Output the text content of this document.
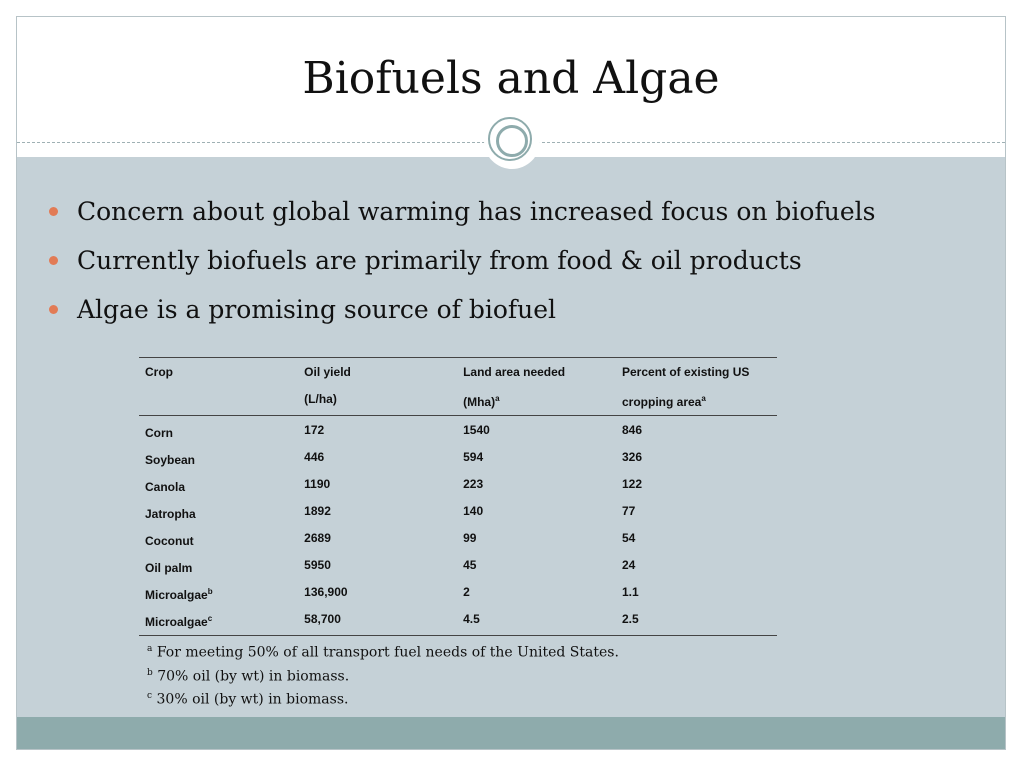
Biofuels and Algae
Concern about global warming has increased focus on biofuels
Currently biofuels are primarily from food & oil products
Algae is a promising source of biofuel
Crop	Oil yield	Land area needed	Percent of existing US
	(L/ha)	(Mha)$^a$	cropping area$^a$
Corn	172	1540	846
Soybean	446	594	326
Canola	1190	223	122
Jatropha	1892	140	77
Coconut	2689	99	54
Oil palm	5950	45	24
Microalgae$^b$	136,900	2	1.1
Microalgae$^c$	58,700	4.5	2.5
$^a$ For meeting 50% of all transport fuel needs of the United States.
$^b$ 70% oil (by wt) in biomass.
$^c$ 30% oil (by wt) in biomass.
